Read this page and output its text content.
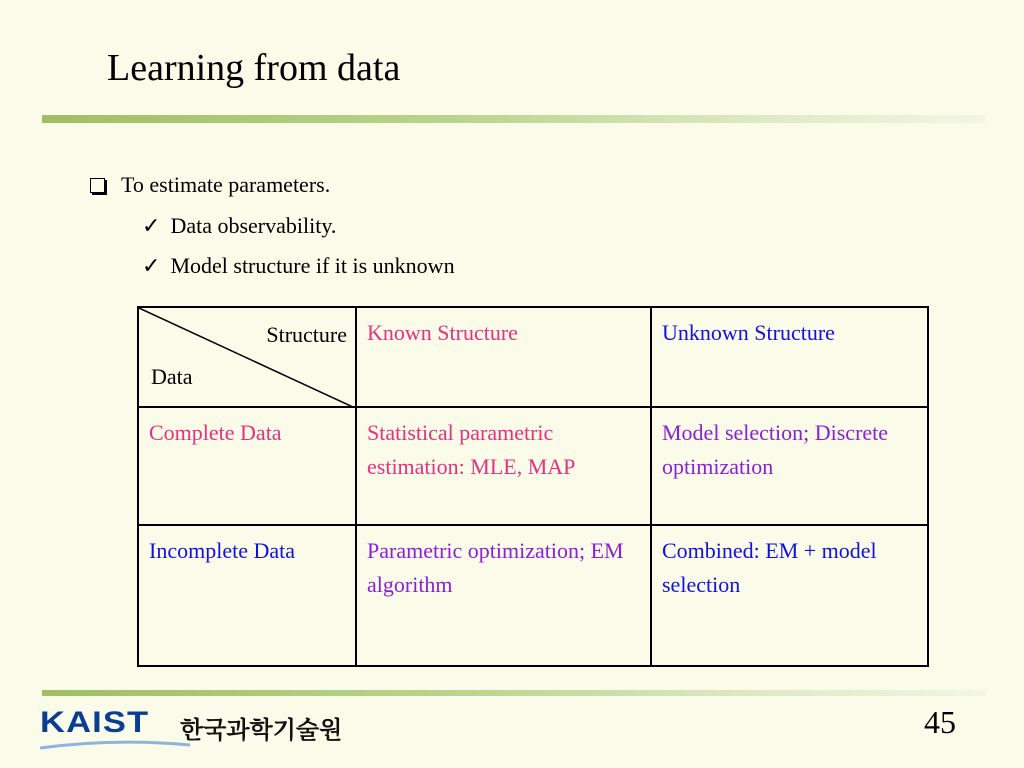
Learning from data
To estimate parameters.
✓ Data observability.
✓ Model structure if it is unknown
Structure
Data	Known Structure	Unknown Structure
Complete Data	Statistical parametric estimation: MLE, MAP	Model selection; Discrete optimization
Incomplete Data	Parametric optimization; EM algorithm	Combined: EM + model selection
KAIST 한국과학기술원	45
